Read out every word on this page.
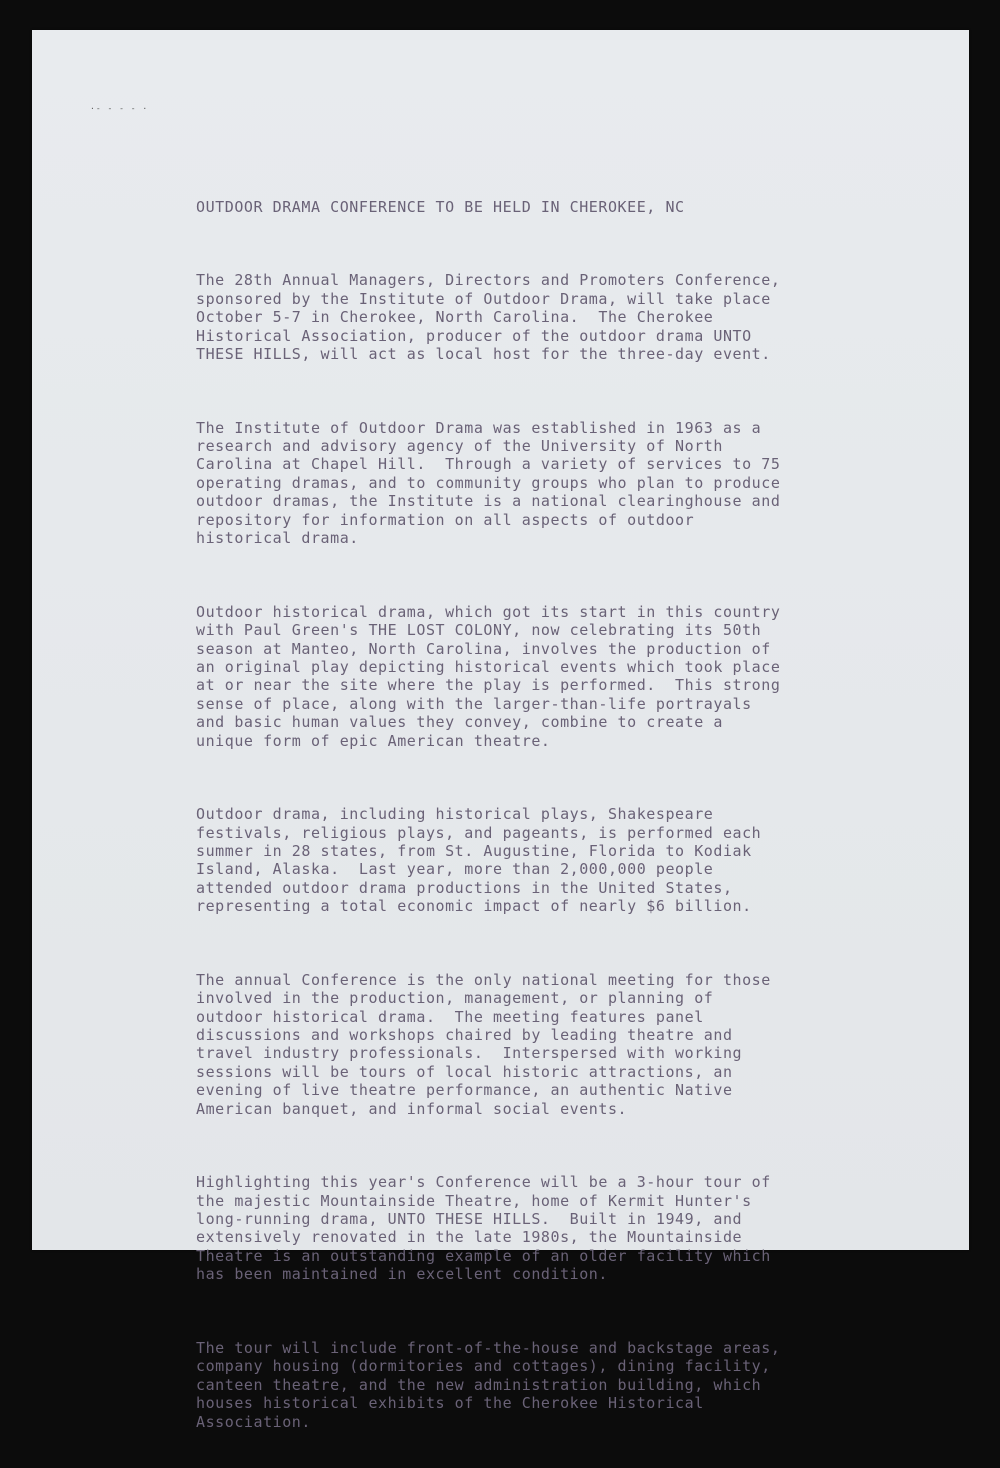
·- - - - ·

OUTDOOR DRAMA CONFERENCE TO BE HELD IN CHEROKEE, NC

The 28th Annual Managers, Directors and Promoters Conference,
sponsored by the Institute of Outdoor Drama, will take place
October 5-7 in Cherokee, North Carolina.  The Cherokee
Historical Association, producer of the outdoor drama UNTO
THESE HILLS, will act as local host for the three-day event.

The Institute of Outdoor Drama was established in 1963 as a
research and advisory agency of the University of North
Carolina at Chapel Hill.  Through a variety of services to 75
operating dramas, and to community groups who plan to produce
outdoor dramas, the Institute is a national clearinghouse and
repository for information on all aspects of outdoor
historical drama.

Outdoor historical drama, which got its start in this country
with Paul Green's THE LOST COLONY, now celebrating its 50th
season at Manteo, North Carolina, involves the production of
an original play depicting historical events which took place
at or near the site where the play is performed.  This strong
sense of place, along with the larger-than-life portrayals
and basic human values they convey, combine to create a
unique form of epic American theatre.

Outdoor drama, including historical plays, Shakespeare
festivals, religious plays, and pageants, is performed each
summer in 28 states, from St. Augustine, Florida to Kodiak
Island, Alaska.  Last year, more than 2,000,000 people
attended outdoor drama productions in the United States,
representing a total economic impact of nearly $6 billion.

The annual Conference is the only national meeting for those
involved in the production, management, or planning of
outdoor historical drama.  The meeting features panel
discussions and workshops chaired by leading theatre and
travel industry professionals.  Interspersed with working
sessions will be tours of local historic attractions, an
evening of live theatre performance, an authentic Native
American banquet, and informal social events.

Highlighting this year's Conference will be a 3-hour tour of
the majestic Mountainside Theatre, home of Kermit Hunter's
long-running drama, UNTO THESE HILLS.  Built in 1949, and
extensively renovated in the late 1980s, the Mountainside
Theatre is an outstanding example of an older facility which
has been maintained in excellent condition.

The tour will include front-of-the-house and backstage areas,
company housing (dormitories and cottages), dining facility,
canteen theatre, and the new administration building, which
houses historical exhibits of the Cherokee Historical
Association.
